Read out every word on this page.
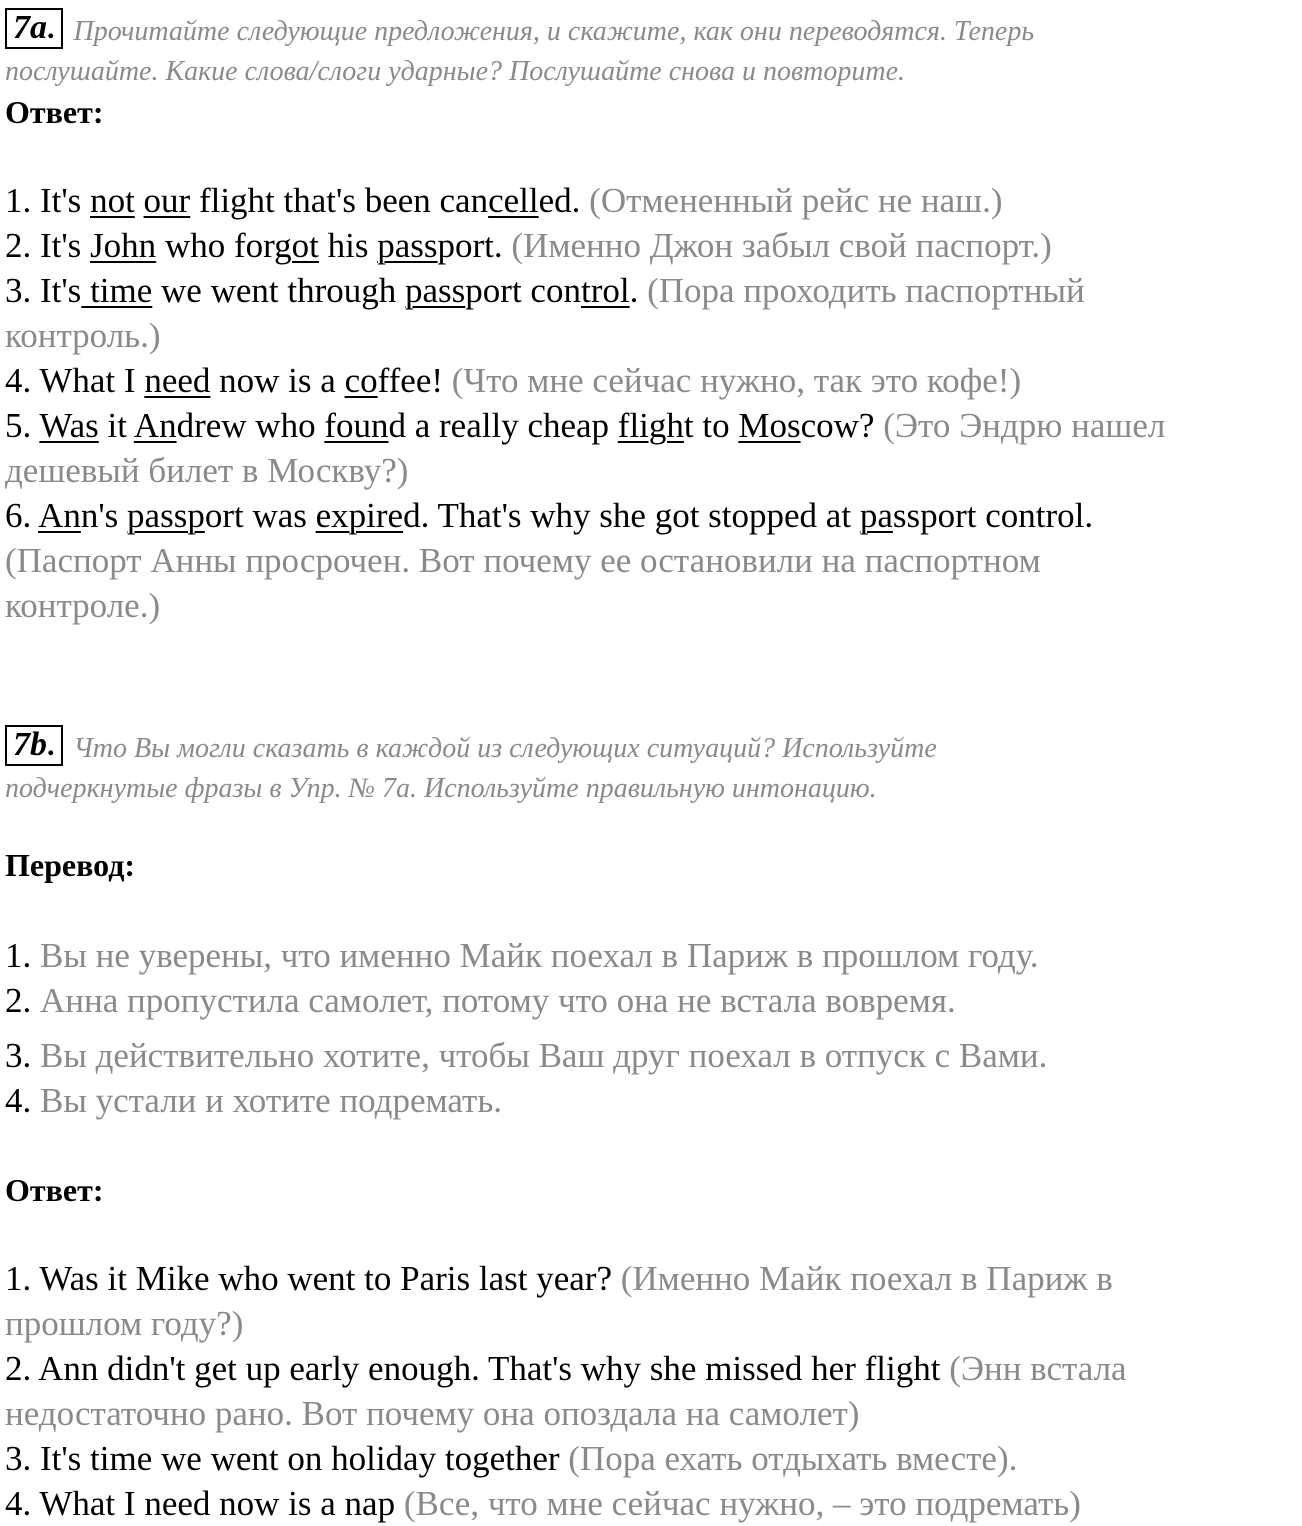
7a. Прочитайте следующие предложения, и скажите, как они переводятся. Теперь
послушайте. Какие слова/слоги ударные? Послушайте снова и повторите.
Ответ:
1. It's not our flight that's been cancelled. (Отмененный рейс не наш.)
2. It's John who forgot his passport. (Именно Джон забыл свой паспорт.)
3. It's time we went through passport control. (Пора проходить паспортный
контроль.)
4. What I need now is a coffee! (Что мне сейчас нужно, так это кофе!)
5. Was it Andrew who found a really cheap flight to Moscow? (Это Эндрю нашел
дешевый билет в Москву?)
6. Ann's passport was expired. That's why she got stopped at passport control.
(Паспорт Анны просрочен. Вот почему ее остановили на паспортном
контроле.)
7b. Что Вы могли сказать в каждой из следующих ситуаций? Используйте
подчеркнутые фразы в Упр. № 7а. Используйте правильную интонацию.
Перевод:
1. Вы не уверены, что именно Майк поехал в Париж в прошлом году.
2. Анна пропустила самолет, потому что она не встала вовремя.
3. Вы действительно хотите, чтобы Ваш друг поехал в отпуск с Вами.
4. Вы устали и хотите подремать.
Ответ:
1. Was it Mike who went to Paris last year? (Именно Майк поехал в Париж в
прошлом году?)
2. Ann didn't get up early enough. That's why she missed her flight (Энн встала
недостаточно рано. Вот почему она опоздала на самолет)
3. It's time we went on holiday together (Пора ехать отдыхать вместе).
4. What I need now is a nap (Все, что мне сейчас нужно, – это подремать)
